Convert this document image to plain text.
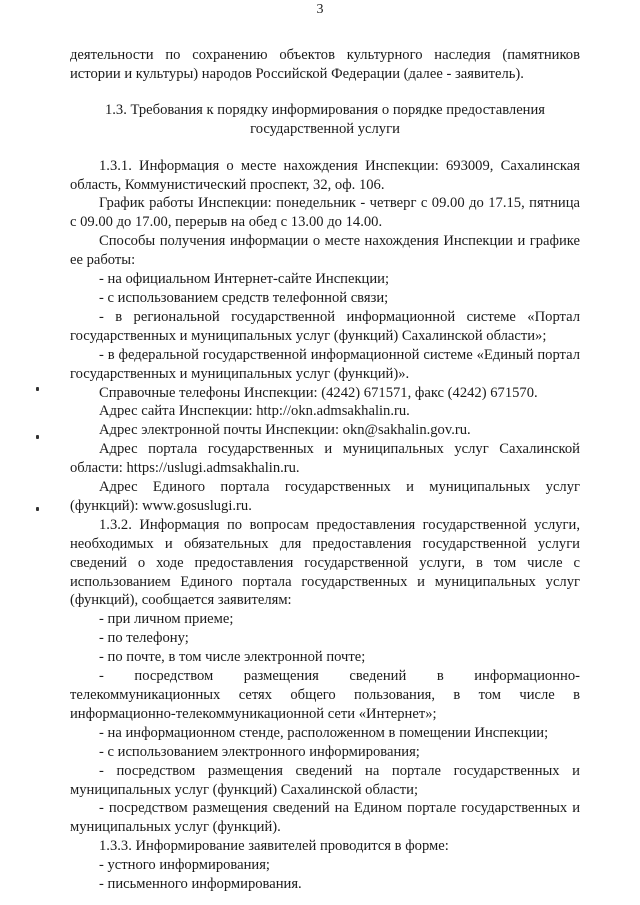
3

деятельности по сохранению объектов культурного наследия (памятников истории и культуры) народов Российской Федерации (далее - заявитель).

1.3. Требования к порядку информирования о порядке предоставления государственной услуги

1.3.1. Информация о месте нахождения Инспекции: 693009, Сахалинская область, Коммунистический проспект, 32, оф. 106.

График работы Инспекции: понедельник - четверг с 09.00 до 17.15, пятница с 09.00 до 17.00, перерыв на обед с 13.00 до 14.00.

Способы получения информации о месте нахождения Инспекции и графике ее работы:

- на официальном Интернет-сайте Инспекции;

- с использованием средств телефонной связи;

- в региональной государственной информационной системе «Портал государственных и муниципальных услуг (функций) Сахалинской области»;

- в федеральной государственной информационной системе «Единый портал государственных и муниципальных услуг (функций)».

Справочные телефоны Инспекции: (4242) 671571, факс (4242) 671570.

Адрес сайта Инспекции: http://okn.admsakhalin.ru.

Адрес электронной почты Инспекции: okn@sakhalin.gov.ru.

Адрес портала государственных и муниципальных услуг Сахалинской области: https://uslugi.admsakhalin.ru.

Адрес Единого портала государственных и муниципальных услуг (функций): www.gosuslugi.ru.

1.3.2. Информация по вопросам предоставления государственной услуги, необходимых и обязательных для предоставления государственной услуги сведений о ходе предоставления государственной услуги, в том числе с использованием Единого портала государственных и муниципальных услуг (функций), сообщается заявителям:

- при личном приеме;

- по телефону;

- по почте, в том числе электронной почте;

- посредством размещения сведений в информационно-телекоммуникационных сетях общего пользования, в том числе в информационно-телекоммуникационной сети «Интернет»;

- на информационном стенде, расположенном в помещении Инспекции;

- с использованием электронного информирования;

- посредством размещения сведений на портале государственных и муниципальных услуг (функций) Сахалинской области;

- посредством размещения сведений на Едином портале государственных и муниципальных услуг (функций).

1.3.3. Информирование заявителей проводится в форме:

- устного информирования;

- письменного информирования.
